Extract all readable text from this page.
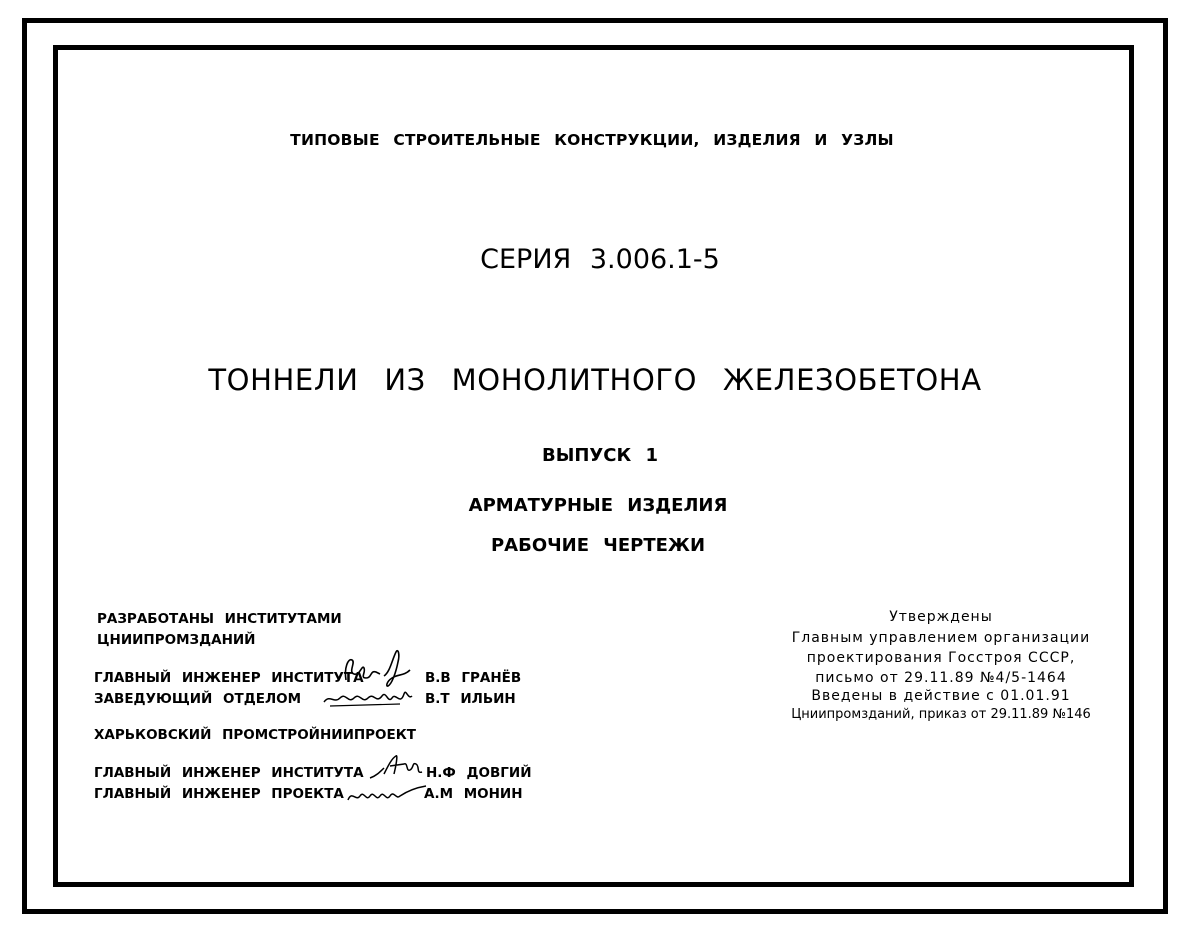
ТИПОВЫЕ СТРОИТЕЛЬНЫЕ КОНСТРУКЦИИ, ИЗДЕЛИЯ И УЗЛЫ
СЕРИЯ 3.006.1-5
ТОННЕЛИ ИЗ МОНОЛИТНОГО ЖЕЛЕЗОБЕТОНА
ВЫПУСК 1
АРМАТУРНЫЕ ИЗДЕЛИЯ
РАБОЧИЕ ЧЕРТЕЖИ
РАЗРАБОТАНЫ ИНСТИТУТАМИ
ЦНИИПРОМЗДАНИЙ
ГЛАВНЫЙ ИНЖЕНЕР ИНСТИТУТА	В.В ГРАНЁВ
ЗАВЕДУЮЩИЙ ОТДЕЛОМ	В.Т ИЛЬИН
ХАРЬКОВСКИЙ ПРОМСТРОЙНИИПРОЕКТ
ГЛАВНЫЙ ИНЖЕНЕР ИНСТИТУТА	Н.Ф ДОВГИЙ
ГЛАВНЫЙ ИНЖЕНЕР ПРОЕКТА	А.М МОНИН
Утверждены
Главным управлением организации
проектирования Госстроя СССР,
письмо от 29.11.89 №4/5-1464
Введены в действие с 01.01.91
Цниипромзданий, приказ от 29.11.89 №146
